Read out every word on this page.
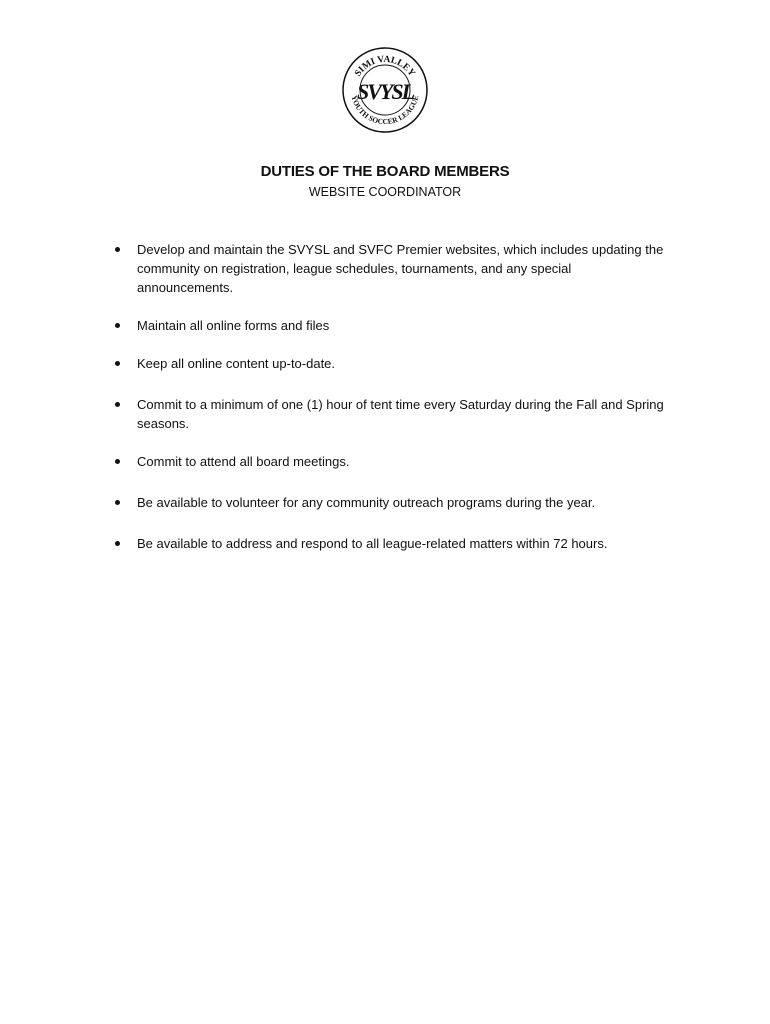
SIMI VALLEY
YOUTH SOCCER LEAGUE
SVYSL
DUTIES OF THE BOARD MEMBERS
WEBSITE COORDINATOR
Develop and maintain the SVYSL and SVFC Premier websites, which includes updating the community on registration, league schedules, tournaments, and any special announcements.
Maintain all online forms and files
Keep all online content up-to-date.
Commit to a minimum of one (1) hour of tent time every Saturday during the Fall and Spring seasons.
Commit to attend all board meetings.
Be available to volunteer for any community outreach programs during the year.
Be available to address and respond to all league-related matters within 72 hours.
